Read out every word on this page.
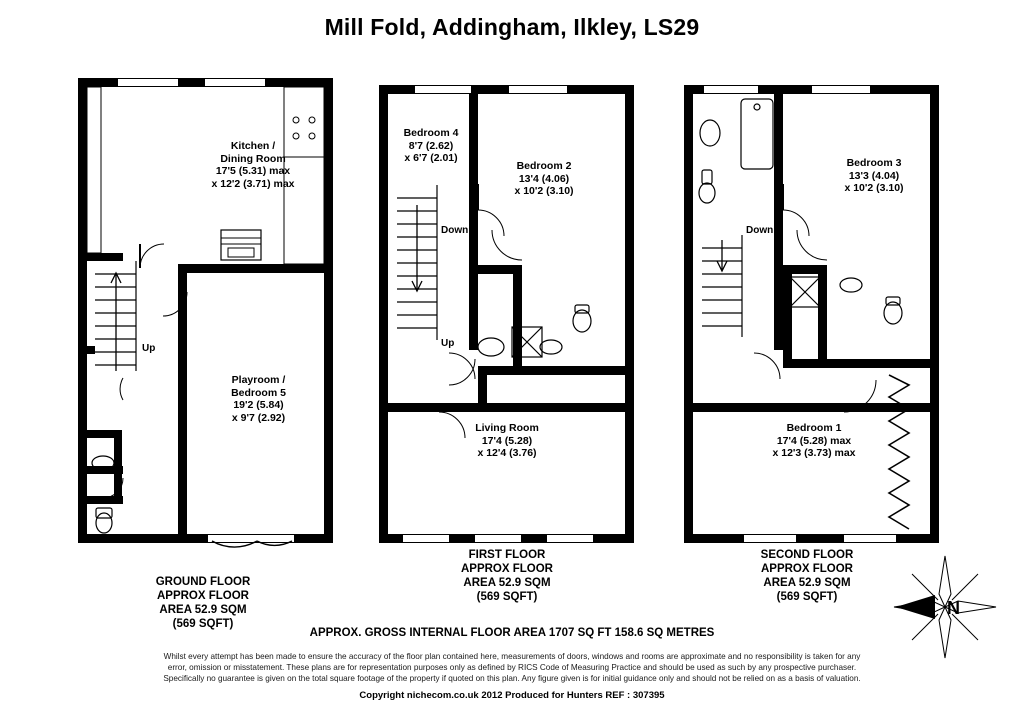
Mill Fold, Addingham, Ilkley, LS29
Kitchen /
Dining Room
17'5 (5.31) max
x 12'2 (3.71) max
Playroom /
Bedroom 5
19'2 (5.84)
x 9'7 (2.92)
Up
GROUND FLOOR
APPROX FLOOR
AREA 52.9 SQM
(569 SQFT)
Bedroom 4
8'7 (2.62)
x 6'7 (2.01)
Bedroom 2
13'4 (4.06)
x 10'2 (3.10)
Living Room
17'4 (5.28)
x 12'4 (3.76)
Down
Up
FIRST FLOOR
APPROX FLOOR
AREA 52.9 SQM
(569 SQFT)
Bedroom 3
13'3 (4.04)
x 10'2 (3.10)
Bedroom 1
17'4 (5.28) max
x 12'3 (3.73) max
Down
SECOND FLOOR
APPROX FLOOR
AREA 52.9 SQM
(569 SQFT)
N
APPROX. GROSS INTERNAL FLOOR AREA 1707 SQ FT 158.6 SQ METRES
Whilst every attempt has been made to ensure the accuracy of the floor plan contained here, measurements of doors, windows and rooms are approximate and no responsibility is taken for any
error, omission or misstatement. These plans are for representation purposes only as defined by RICS Code of Measuring Practice and should be used as such by any prospective purchaser.
Specifically no guarantee is given on the total square footage of the property if quoted on this plan. Any figure given is for initial guidance only and should not be relied on as a basis of valuation.
Copyright nichecom.co.uk 2012 Produced for Hunters REF : 307395
